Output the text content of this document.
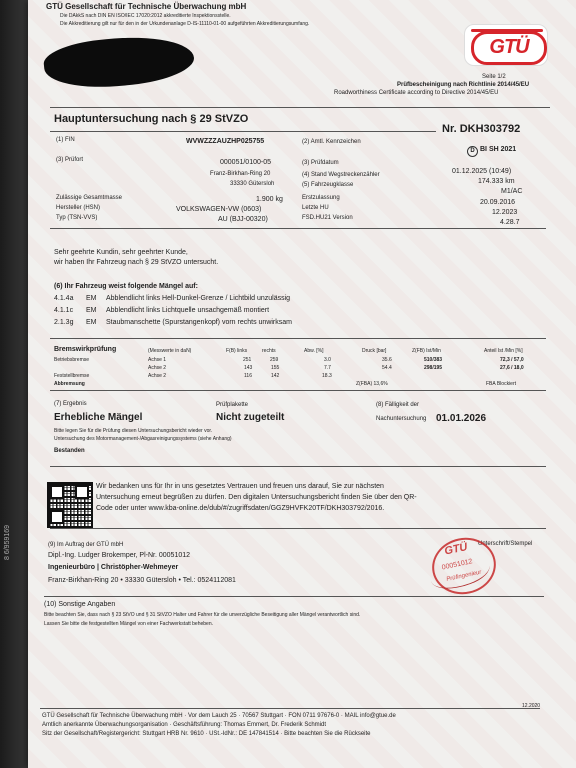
8 6/959169
GTÜ Gesellschaft für Technische Überwachung mbH
Die DAkkS nach DIN EN ISO/IEC 17020:2012 akkreditierte Inspektionsstelle.
Die Akkreditierung gilt nur für den in der Urkundenanlage D-IS-11110-01-00 aufgeführten Akkreditierungsumfang.
GTÜ
Seite 1/2
Prüfbescheinigung nach Richtlinie 2014/45/EU
Roadworthiness Certificate according to Directive 2014/45/EU
Hauptuntersuchung nach § 29 StVZO
Nr. DKH303792
(1) FIN	WVWZZZAUZHP025755	(2) Amtl. Kennzeichen
D BI SH 2021
(3) Prüfort	000051/0100-05
Franz-Birkhan-Ring 20
33330 Gütersloh
(3) Prüfdatum
01.12.2025 (10:49)
(4) Stand Wegstreckenzähler
174.333 km
(5) Fahrzeugklasse
M1/AC
Zulässige Gesamtmasse	1.900 kg	Erstzulassung
20.09.2016
Hersteller (HSN)	VOLKSWAGEN-VW (0603)	Letzte HU
12.2023
Typ (TSN-VVS)	AU (BJJ-00320)	FSD.HU21 Version
4.28.7
Sehr geehrte Kundin, sehr geehrter Kunde,
wir haben Ihr Fahrzeug nach § 29 StVZO untersucht.
(6) Ihr Fahrzeug weist folgende Mängel auf:
4.1.4a EM Abblendlicht links Hell-Dunkel-Grenze / Lichtbild unzulässig
4.1.1c EM Abblendlicht links Lichtquelle unsachgemäß montiert
2.1.3g EM Staubmanschette (Spurstangenkopf) vorn rechts unwirksam
Bremswirkprüfung	(Messwerte in daN)	F(B) links	rechts	Abw. [%]	Druck [bar]	Z(FB) Ist/Min	Anteil Ist /Min [%]
Betriebsbremse	Achse 1	251	259	3.0	35.6	510/383	72,3 / 57,0
Achse 2	143	155	7.7	54.4	298/195	27,6 / 18,0
Feststellbremse	Achse 2	116	142	18.3
Abbremsung	Z(FBA) 13,6%	FBA Blockiert
(7) Ergebnis
Erhebliche Mängel
Prüfplakette
Nicht zugeteilt
(8) Fälligkeit der
Nachuntersuchung 01.01.2026
Bitte legen Sie für die Prüfung diesen Untersuchungsbericht wieder vor.
Untersuchung des Motormanagement-/Abgasreinigungssystems (siehe Anhang)
Bestanden
Wir bedanken uns für Ihr in uns gesetztes Vertrauen und freuen uns darauf, Sie zur nächsten
Untersuchung erneut begrüßen zu dürfen. Den digitalen Untersuchungsbericht finden Sie über den QR-
Code oder unter www.kba-online.de/dub/#/zugriffsdaten/GGZ9HVFK20TF/DKH303792/2016.
(9) Im Auftrag der GTÜ mbH
Dipl.-Ing. Ludger Brokemper, Pl-Nr. 00051012
Ingenieurbüro | Christöpher-Wehmeyer
Franz-Birkhan-Ring 20 • 33330 Gütersloh • Tel.: 0524112081
Unterschrift/Stempel
GTÜ
00051012
Prüfingenieur
(10) Sonstige Angaben
Bitte beachten Sie, dass nach § 23 StVO und § 31 StVZO Halter und Fahrer für die unverzügliche Beseitigung aller Mängel verantwortlich sind.
Lassen Sie bitte die festgestellten Mängel von einer Fachwerkstatt beheben.
GTÜ Gesellschaft für Technische Überwachung mbH · Vor dem Lauch 25 · 70567 Stuttgart · FON 0711 97676-0 · MAIL info@gtue.de
Amtlich anerkannte Überwachungsorganisation · Geschäftsführung: Thomas Emmert, Dr. Frederik Schmidt
Sitz der Gesellschaft/Registergericht: Stuttgart HRB Nr. 9610 · USt.-IdNr.: DE 147841514 · Bitte beachten Sie die Rückseite
12.2020
